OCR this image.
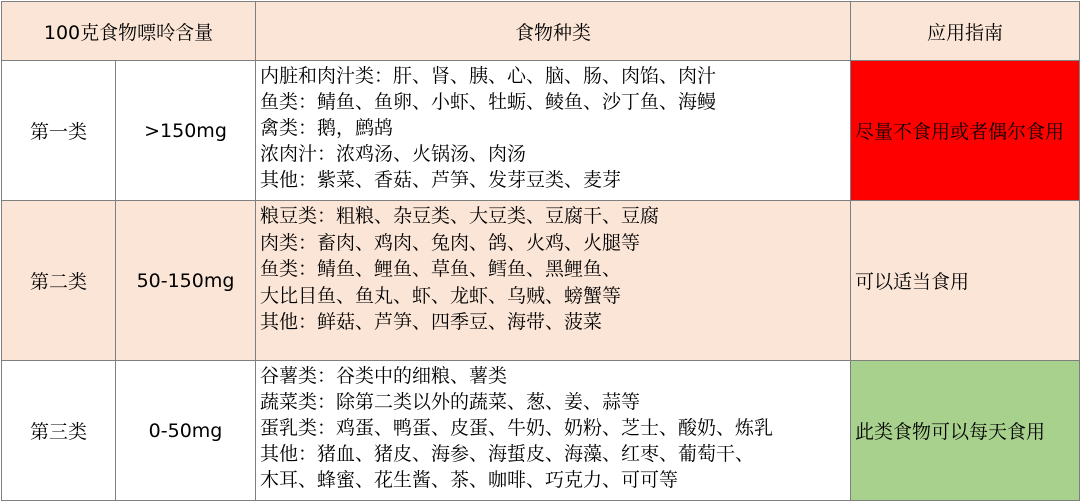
100克食物嘌呤含量		食物种类	应用指南
第一类	>150mg	内脏和肉汁类：肝、肾、胰、心、脑、肠、肉馅、肉汁
鱼类：鲭鱼、鱼卵、小虾、牡蛎、鲮鱼、沙丁鱼、海鳗
禽类：鹅，鹧鸪
浓肉汁：浓鸡汤、火锅汤、肉汤
其他：紫菜、香菇、芦笋、发芽豆类、麦芽	尽量不食用或者偶尔食用
第二类	50-150mg	粮豆类：粗粮、杂豆类、大豆类、豆腐干、豆腐
肉类：畜肉、鸡肉、兔肉、鸽、火鸡、火腿等
鱼类：鲭鱼、鲤鱼、草鱼、鳕鱼、黑鲤鱼、
大比目鱼、鱼丸、虾、龙虾、乌贼、螃蟹等
其他：鲜菇、芦笋、四季豆、海带、菠菜	可以适当食用
第三类	0-50mg	谷薯类：谷类中的细粮、薯类
蔬菜类：除第二类以外的蔬菜、葱、姜、蒜等
蛋乳类：鸡蛋、鸭蛋、皮蛋、牛奶、奶粉、芝士、酸奶、炼乳
其他：猪血、猪皮、海参、海蜇皮、海藻、红枣、葡萄干、
木耳、蜂蜜、花生酱、茶、咖啡、巧克力、可可等	此类食物可以每天食用
